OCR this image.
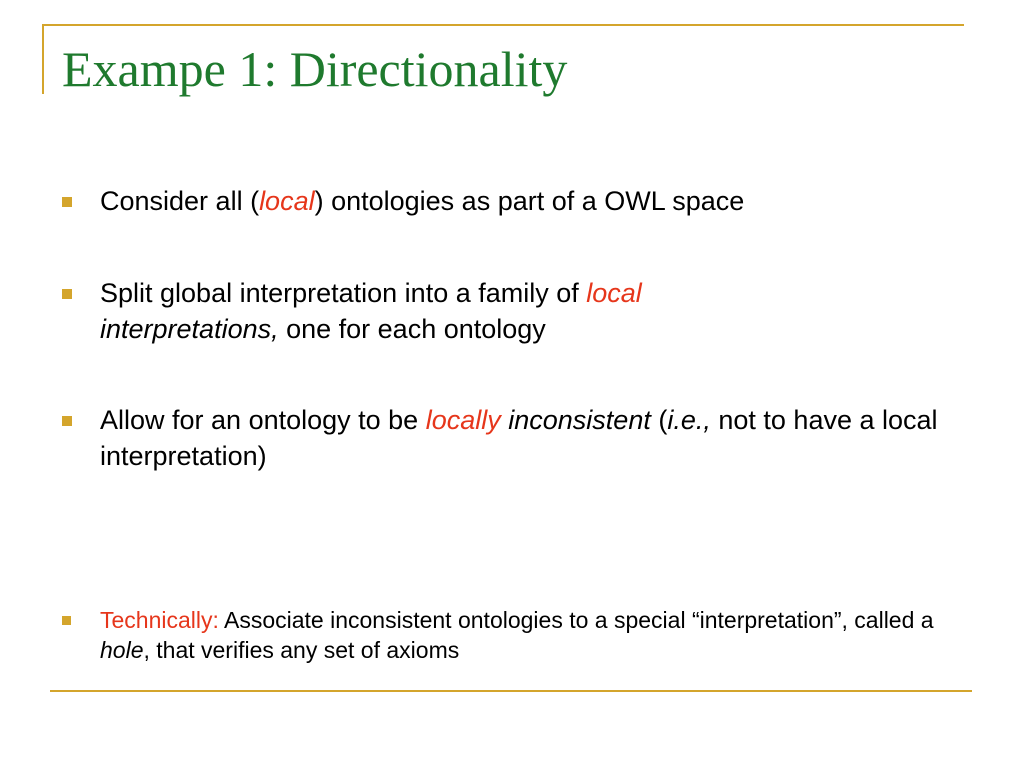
Exampe 1: Directionality
Consider all (local) ontologies as part of a OWL space
Split global interpretation into a family of local
interpretations, one for each ontology
Allow for an ontology to be locally inconsistent (i.e., not to have a local interpretation)
Technically: Associate inconsistent ontologies to a special “interpretation”, called a hole, that verifies any set of axioms
